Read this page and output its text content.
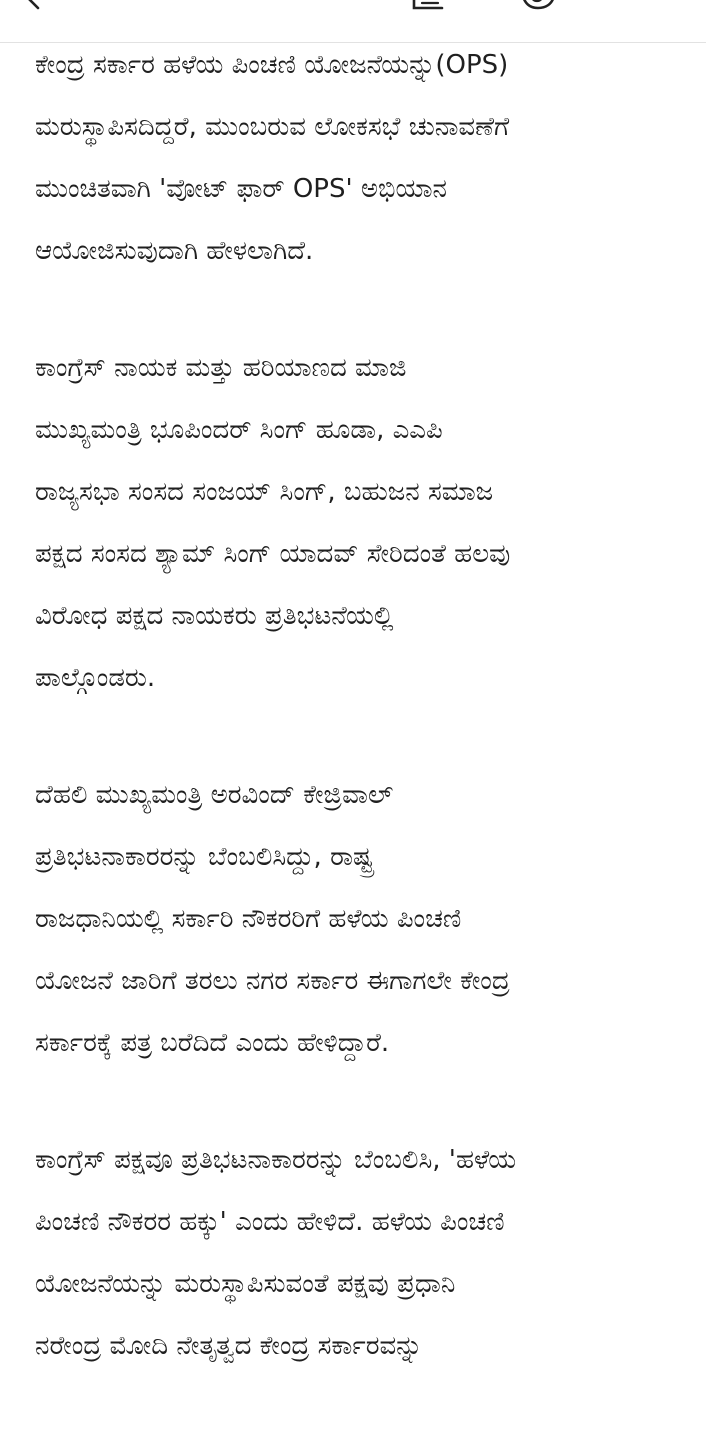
ಕೇಂದ್ರ ಸರ್ಕಾರ ಹಳೆಯ ಪಿಂಚಣಿ ಯೋಜನೆಯನ್ನು(OPS)
ಮರುಸ್ಥಾಪಿಸದಿದ್ದರೆ, ಮುಂಬರುವ ಲೋಕಸಭೆ ಚುನಾವಣೆಗೆ
ಮುಂಚಿತವಾಗಿ 'ವೋಟ್ ಫಾರ್ OPS' ಅಭಿಯಾನ
ಆಯೋಜಿಸುವುದಾಗಿ ಹೇಳಲಾಗಿದೆ.

ಕಾಂಗ್ರೆಸ್ ನಾಯಕ ಮತ್ತು ಹರಿಯಾಣದ ಮಾಜಿ
ಮುಖ್ಯಮಂತ್ರಿ ಭೂಪಿಂದರ್ ಸಿಂಗ್ ಹೂಡಾ, ಎಎಪಿ
ರಾಜ್ಯಸಭಾ ಸಂಸದ ಸಂಜಯ್ ಸಿಂಗ್, ಬಹುಜನ ಸಮಾಜ
ಪಕ್ಷದ ಸಂಸದ ಶ್ಯಾಮ್ ಸಿಂಗ್ ಯಾದವ್ ಸೇರಿದಂತೆ ಹಲವು
ವಿರೋಧ ಪಕ್ಷದ ನಾಯಕರು ಪ್ರತಿಭಟನೆಯಲ್ಲಿ
ಪಾಲ್ಗೊಂಡರು.

ದೆಹಲಿ ಮುಖ್ಯಮಂತ್ರಿ ಅರವಿಂದ್ ಕೇಜ್ರಿವಾಲ್
ಪ್ರತಿಭಟನಾಕಾರರನ್ನು ಬೆಂಬಲಿಸಿದ್ದು, ರಾಷ್ಟ್ರ
ರಾಜಧಾನಿಯಲ್ಲಿ ಸರ್ಕಾರಿ ನೌಕರರಿಗೆ ಹಳೆಯ ಪಿಂಚಣಿ
ಯೋಜನೆ ಜಾರಿಗೆ ತರಲು ನಗರ ಸರ್ಕಾರ ಈಗಾಗಲೇ ಕೇಂದ್ರ
ಸರ್ಕಾರಕ್ಕೆ ಪತ್ರ ಬರೆದಿದೆ ಎಂದು ಹೇಳಿದ್ದಾರೆ.

ಕಾಂಗ್ರೆಸ್ ಪಕ್ಷವೂ ಪ್ರತಿಭಟನಾಕಾರರನ್ನು ಬೆಂಬಲಿಸಿ, 'ಹಳೆಯ
ಪಿಂಚಣಿ ನೌಕರರ ಹಕ್ಕು' ಎಂದು ಹೇಳಿದೆ. ಹಳೆಯ ಪಿಂಚಣಿ
ಯೋಜನೆಯನ್ನು ಮರುಸ್ಥಾಪಿಸುವಂತೆ ಪಕ್ಷವು ಪ್ರಧಾನಿ
ನರೇಂದ್ರ ಮೋದಿ ನೇತೃತ್ವದ ಕೇಂದ್ರ ಸರ್ಕಾರವನ್ನು
